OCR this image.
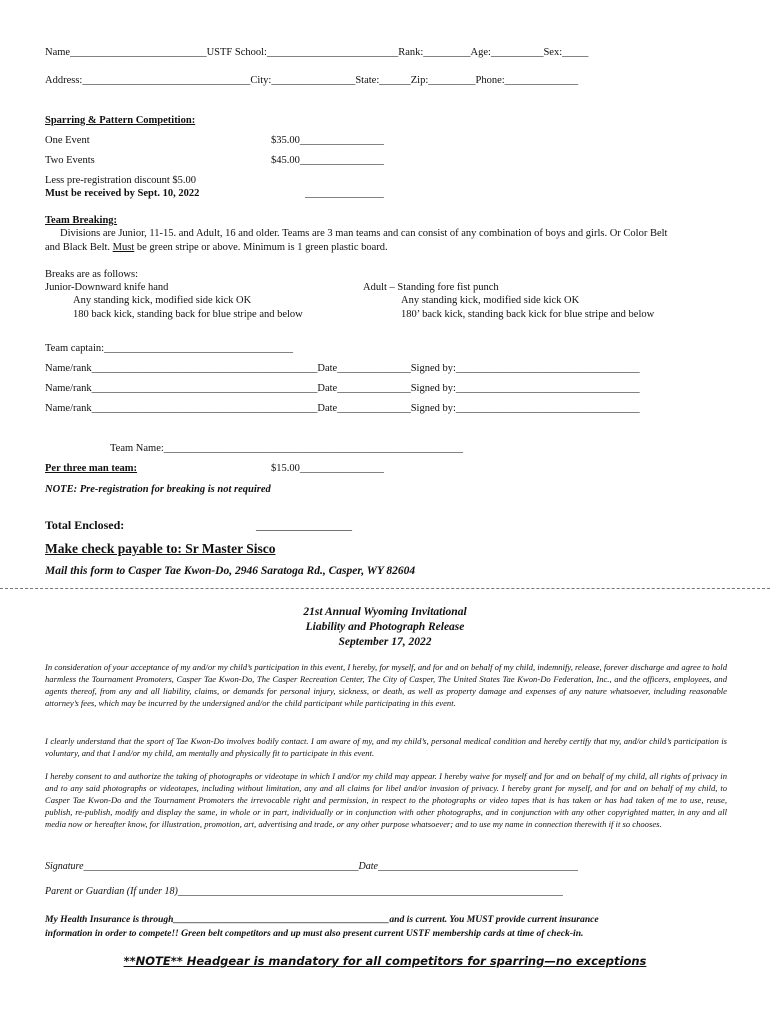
Name__________________________USTF School:_________________________Rank:_________Age:__________Sex:_____
Address:________________________________City:________________State:______Zip:_________Phone:______________
Sparring & Pattern Competition:
One Event	$35.00________________
Two Events	$45.00________________
Less pre-registration discount $5.00
Must be received by Sept. 10, 2022	_______________
Team Breaking:
Divisions are Junior, 11-15. and Adult, 16 and older. Teams are 3 man teams and can consist of any combination of boys and girls. Or Color Belt
and Black Belt. Must be green stripe or above. Minimum is 1 green plastic board.
Breaks are as follows:
Junior-Downward knife hand
Any standing kick, modified side kick OK
180 back kick, standing back for blue stripe and below
Adult – Standing fore fist punch
Any standing kick, modified side kick OK
180’ back kick, standing back kick for blue stripe and below
Team captain:____________________________________
Name/rank___________________________________________Date______________Signed by:___________________________________
Name/rank___________________________________________Date______________Signed by:___________________________________
Name/rank___________________________________________Date______________Signed by:___________________________________
Team Name:_________________________________________________________
Per three man team:	$15.00________________
NOTE: Pre-registration for breaking is not required
Total Enclosed:	________________
Make check payable to: Sr Master Sisco
Mail this form to Casper Tae Kwon-Do, 2946 Saratoga Rd., Casper, WY 82604
21st Annual Wyoming Invitational
Liability and Photograph Release
September 17, 2022
In consideration of your acceptance of my and/or my child’s participation in this event, I hereby, for myself, and for and on behalf of my child, indemnify, release, forever discharge and agree to hold harmless the Tournament Promoters, Casper Tae Kwon-Do, The Casper Recreation Center, The City of Casper, The United States Tae Kwon-Do Federation, Inc., and the officers, employees, and agents thereof, from any and all liability, claims, or demands for personal injury, sickness, or death, as well as property damage and expenses of any nature whatsoever, including reasonable attorney’s fees, which may be incurred by the undersigned and/or the child participant while participating in this event.
I clearly understand that the sport of Tae Kwon-Do involves bodily contact. I am aware of my, and my child’s, personal medical condition and hereby certify that my, and/or child’s participation is voluntary, and that I and/or my child, am mentally and physically fit to participate in this event.
I hereby consent to and authorize the taking of photographs or videotape in which I and/or my child may appear. I hereby waive for myself and for and on behalf of my child, all rights of privacy in and to any said photographs or videotapes, including without limitation, any and all claims for libel and/or invasion of privacy. I hereby grant for myself, and for and on behalf of my child, to Casper Tae Kwon-Do and the Tournament Promoters the irrevocable right and permission, in respect to the photographs or video tapes that is has taken or has had taken of me to use, reuse, publish, re-publish, modify and display the same, in whole or in part, individually or in conjunction with other photographs, and in conjunction with any other copyrighted matter, in any and all media now or hereafter know, for illustration, promotion, art, advertising and trade, or any other purpose whatsoever; and to use my name in connection therewith if it so chooses.
Signature_______________________________________________________Date________________________________________
Parent or Guardian (If under 18)_____________________________________________________________________________
My Health Insurance is through_____________________________________________and is current. You MUST provide current insurance
information in order to compete!! Green belt competitors and up must also present current USTF membership cards at time of check-in.
**NOTE** Headgear is mandatory for all competitors for sparring—no exceptions
